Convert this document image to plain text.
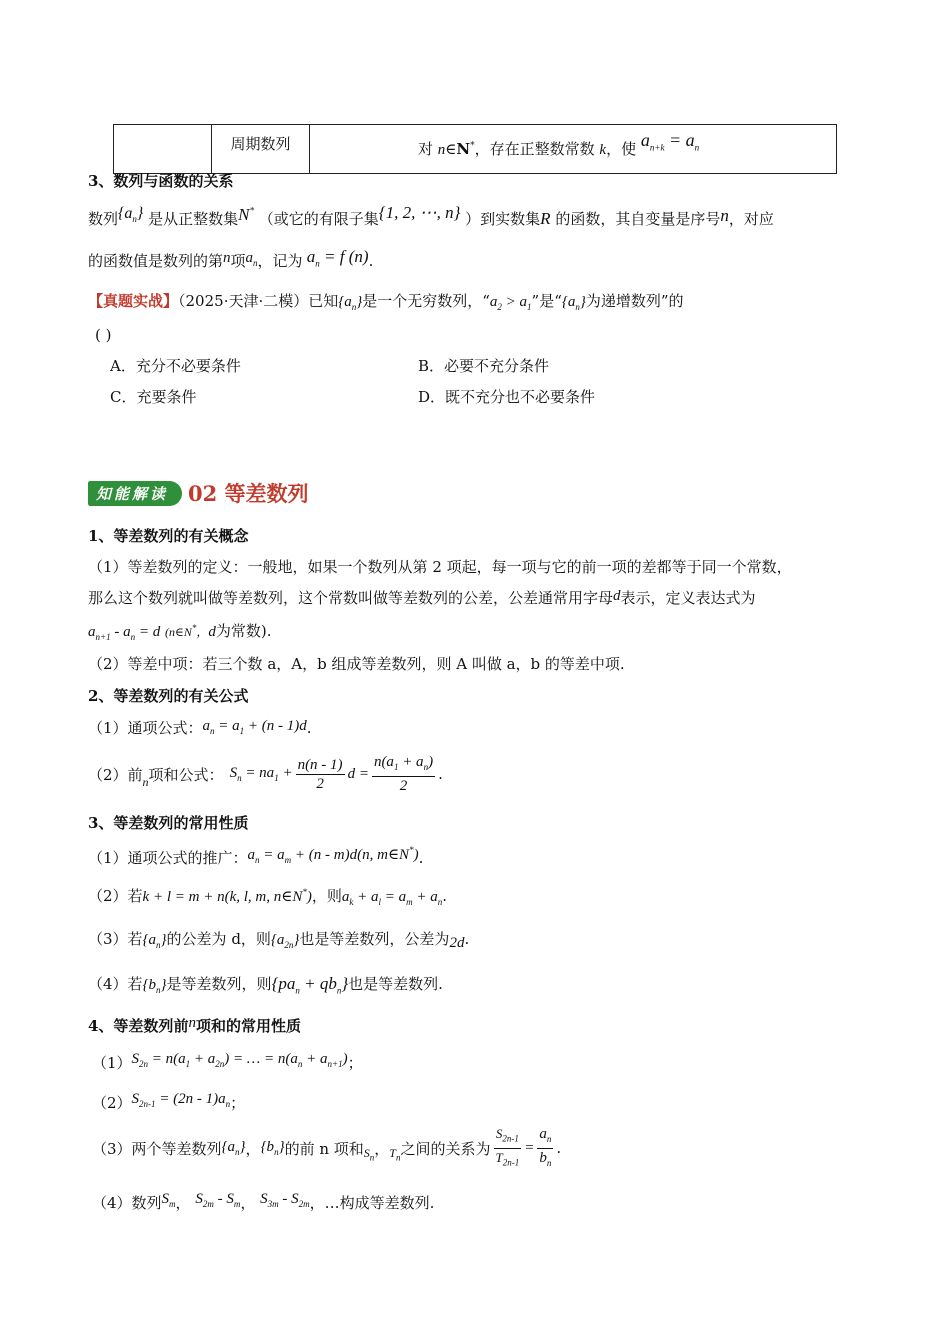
	周期数列	对 n∈N*，存在正整数常数 k，使 $a_{n+k} = a_n$
3、数列与函数的关系
数列$\{a_n\}$ 是从正整数集N* （或它的有限子集{1, 2, ⋯, n} ）到实数集R 的函数，其自变量是序号n，对应
的函数值是数列的第n项$a_n$，记为 $a_n = f$ (n).
【真题实战】（2025·天津·二模）已知$\{a_n\}$是一个无穷数列，“$a_2 > a_1$”是“$\{a_n\}$为递增数列”的
( )
A．充分不必要条件	B．必要不充分条件
C．充要条件	D．既不充分也不必要条件
知能解读 02 等差数列
1、等差数列的有关概念
（1）等差数列的定义：一般地，如果一个数列从第 2 项起，每一项与它的前一项的差都等于同一个常数，
那么这个数列就叫做等差数列，这个常数叫做等差数列的公差，公差通常用字母d表示，定义表达式为
$a_{n+1} - a_n = d$ (n∈N*，d为常数).
（2）等差中项：若三个数 a，A，b 组成等差数列，则 A 叫做 a，b 的等差中项.
2、等差数列的有关公式
（1）通项公式：$a_n = a_1 + (n - 1)d$.
（2）前 n 项和公式： $S_n = na_1 + \frac{n(n - 1)}{2}$ $d = \frac{n(a_1 + a_n)}{2}$ .
3、等差数列的常用性质
（1）通项公式的推广：$a_n = a_m + (n - m)d(n$, m∈N*).
（2）若k + l = m + n(k, l, m, n∈N*)，则$a_k + a_l = a_m + a_n$.
（3）若$\{a_n\}$的公差为 d，则$\{a_{2n}\}$也是等差数列，公差为2d.
（4）若$\{b_n\}$是等差数列，则$\{pa_n + qb_n\}$也是等差数列.
4、等差数列前n项和的常用性质
$(1)S_{2n} = n(a_1 + a_{2n})$ = … = $n(a_n + a_{n+1})$；
$(2)S_{2n-1} = (2n - 1)a_n$；
（3）两个等差数列 $\{a_n\}$ ， $\{b_n\}$ 的前 n 项和 $S_n$ ， $T_n$ 之间的关系为 $\frac{S_{2n-1}}{T_{2n-1}} = \frac{a_n}{b_n}$ .
（4）数列$S_m$， $S_{2m} - S_m$， $S_{3m} - S_{2m}$，…构成等差数列.
